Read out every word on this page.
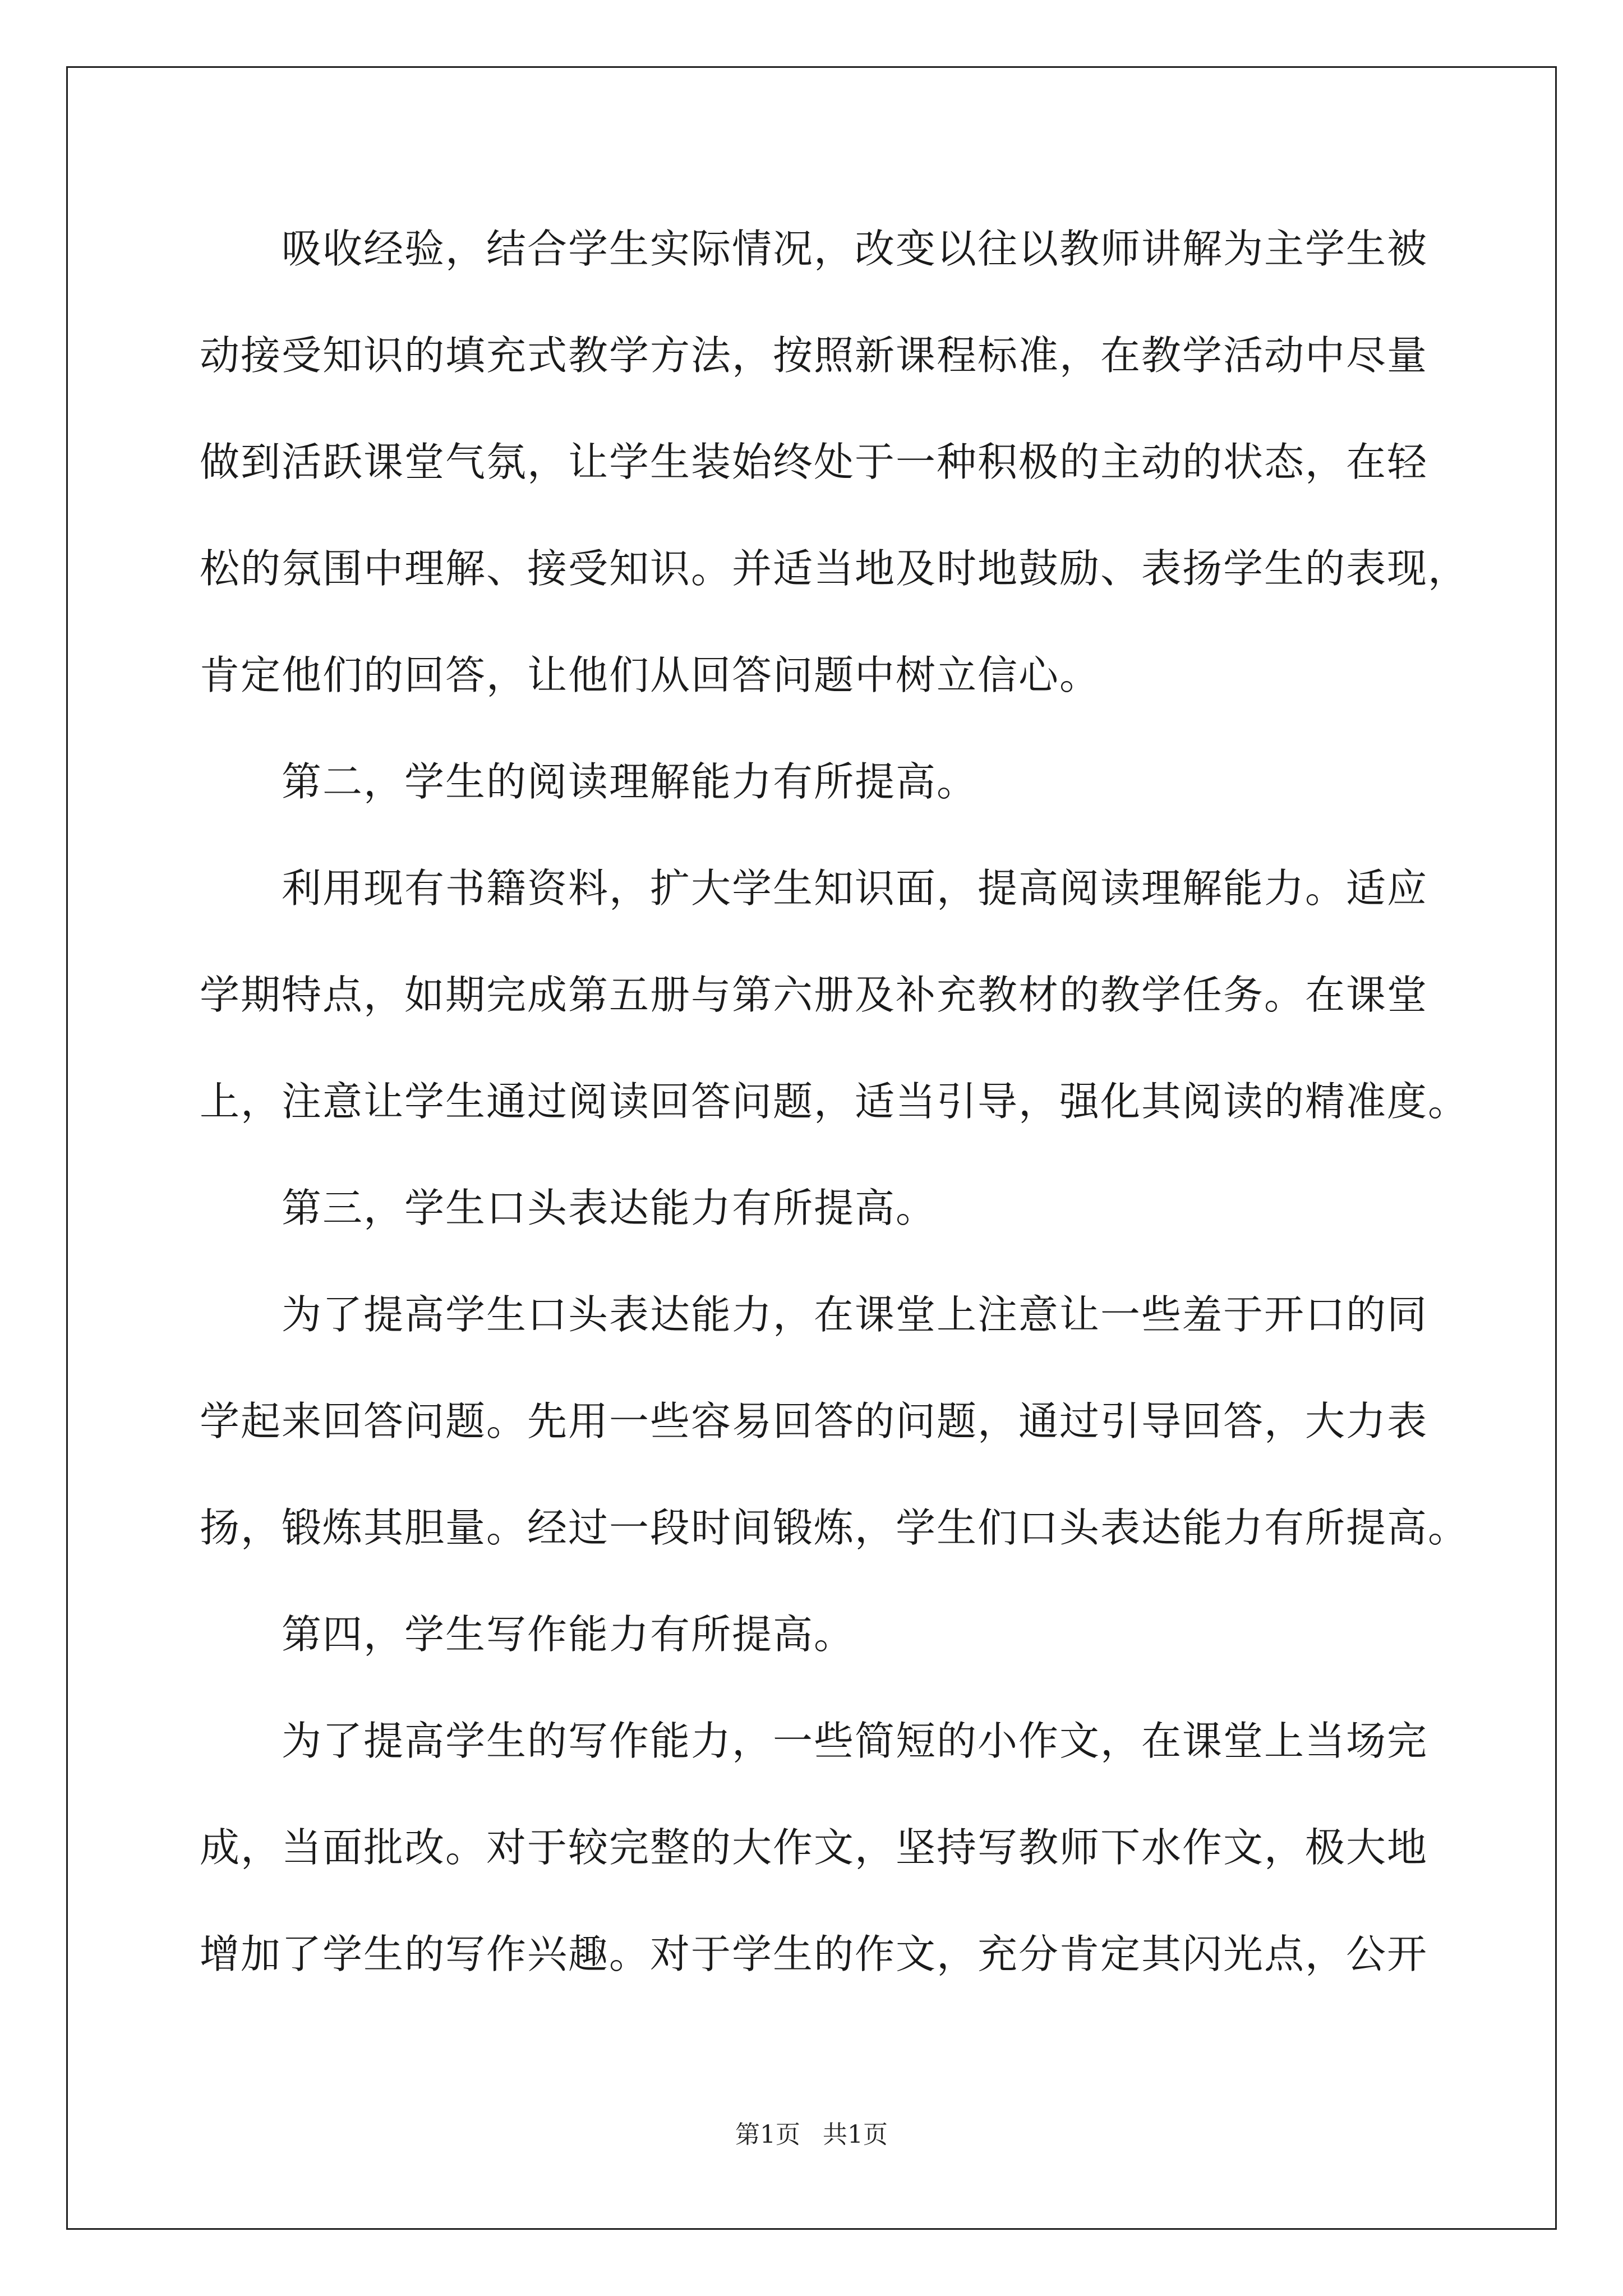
　　吸收经验，结合学生实际情况，改变以往以教师讲解为主学生被
动接受知识的填充式教学方法，按照新课程标准，在教学活动中尽量
做到活跃课堂气氛，让学生装始终处于一种积极的主动的状态，在轻
松的氛围中理解、接受知识。并适当地及时地鼓励、表扬学生的表现，
肯定他们的回答，让他们从回答问题中树立信心。
　　第二，学生的阅读理解能力有所提高。
　　利用现有书籍资料，扩大学生知识面，提高阅读理解能力。适应
学期特点，如期完成第五册与第六册及补充教材的教学任务。在课堂
上，注意让学生通过阅读回答问题，适当引导，强化其阅读的精准度。
　　第三，学生口头表达能力有所提高。
　　为了提高学生口头表达能力，在课堂上注意让一些羞于开口的同
学起来回答问题。先用一些容易回答的问题，通过引导回答，大力表
扬，锻炼其胆量。经过一段时间锻炼，学生们口头表达能力有所提高。
　　第四，学生写作能力有所提高。
　　为了提高学生的写作能力，一些简短的小作文，在课堂上当场完
成，当面批改。对于较完整的大作文，坚持写教师下水作文，极大地
增加了学生的写作兴趣。对于学生的作文，充分肯定其闪光点，公开
第1页 共1页
